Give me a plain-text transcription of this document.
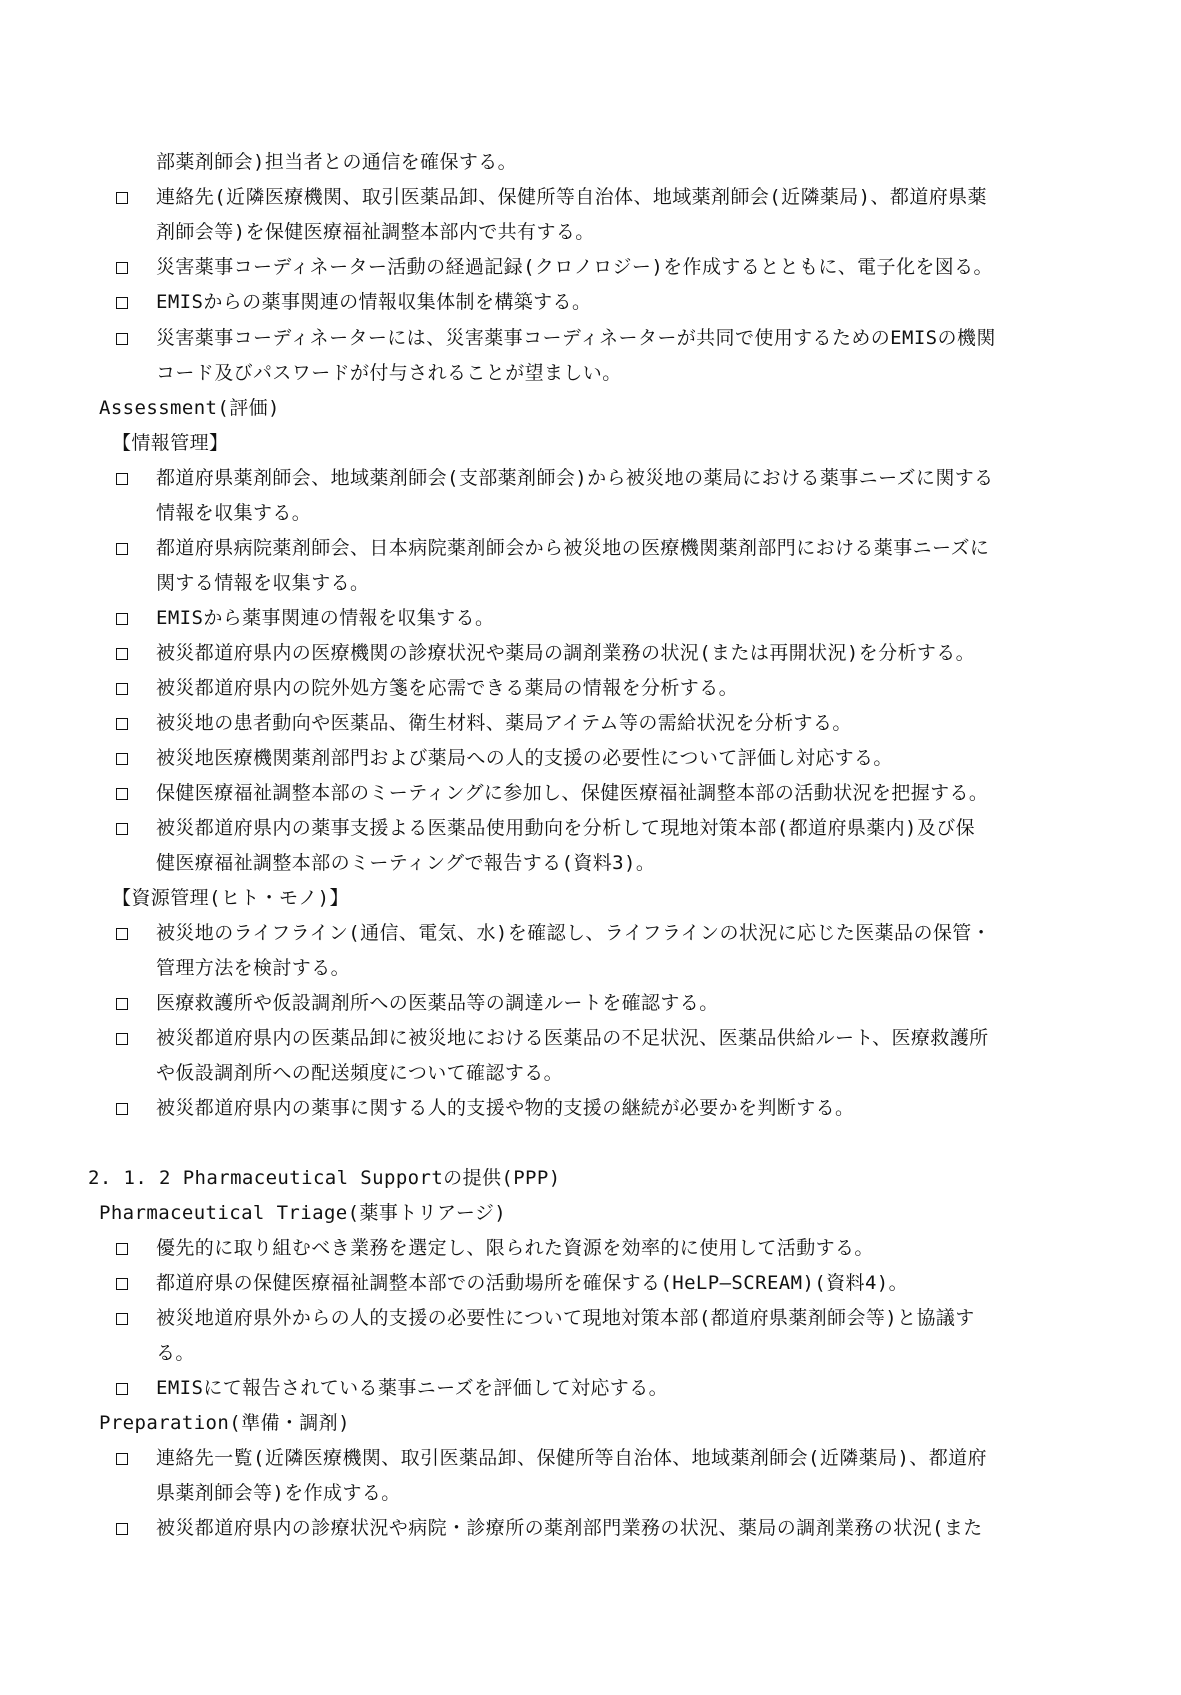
部薬剤師会)担当者との通信を確保する。
連絡先(近隣医療機関、取引医薬品卸、保健所等自治体、地域薬剤師会(近隣薬局)、都道府県薬
剤師会等)を保健医療福祉調整本部内で共有する。
災害薬事コーディネーター活動の経過記録(クロノロジー)を作成するとともに、電子化を図る。
EMISからの薬事関連の情報収集体制を構築する。
災害薬事コーディネーターには、災害薬事コーディネーターが共同で使用するためのEMISの機関
コード及びパスワードが付与されることが望ましい。
Assessment(評価)
【情報管理】
都道府県薬剤師会、地域薬剤師会(支部薬剤師会)から被災地の薬局における薬事ニーズに関する
情報を収集する。
都道府県病院薬剤師会、日本病院薬剤師会から被災地の医療機関薬剤部門における薬事ニーズに
関する情報を収集する。
EMISから薬事関連の情報を収集する。
被災都道府県内の医療機関の診療状況や薬局の調剤業務の状況(または再開状況)を分析する。
被災都道府県内の院外処方箋を応需できる薬局の情報を分析する。
被災地の患者動向や医薬品、衛生材料、薬局アイテム等の需給状況を分析する。
被災地医療機関薬剤部門および薬局への人的支援の必要性について評価し対応する。
保健医療福祉調整本部のミーティングに参加し、保健医療福祉調整本部の活動状況を把握する。
被災都道府県内の薬事支援よる医薬品使用動向を分析して現地対策本部(都道府県薬内)及び保
健医療福祉調整本部のミーティングで報告する(資料3)。
【資源管理(ヒト・モノ)】
被災地のライフライン(通信、電気、水)を確認し、ライフラインの状況に応じた医薬品の保管・
管理方法を検討する。
医療救護所や仮設調剤所への医薬品等の調達ルートを確認する。
被災都道府県内の医薬品卸に被災地における医薬品の不足状況、医薬品供給ルート、医療救護所
や仮設調剤所への配送頻度について確認する。
被災都道府県内の薬事に関する人的支援や物的支援の継続が必要かを判断する。
2. 1. 2 Pharmaceutical Supportの提供(PPP)
Pharmaceutical Triage(薬事トリアージ)
優先的に取り組むべき業務を選定し、限られた資源を効率的に使用して活動する。
都道府県の保健医療福祉調整本部での活動場所を確保する(HeLP―SCREAM)(資料4)。
被災地道府県外からの人的支援の必要性について現地対策本部(都道府県薬剤師会等)と協議す
る。
EMISにて報告されている薬事ニーズを評価して対応する。
Preparation(準備・調剤)
連絡先一覧(近隣医療機関、取引医薬品卸、保健所等自治体、地域薬剤師会(近隣薬局)、都道府
県薬剤師会等)を作成する。
被災都道府県内の診療状況や病院・診療所の薬剤部門業務の状況、薬局の調剤業務の状況(また
